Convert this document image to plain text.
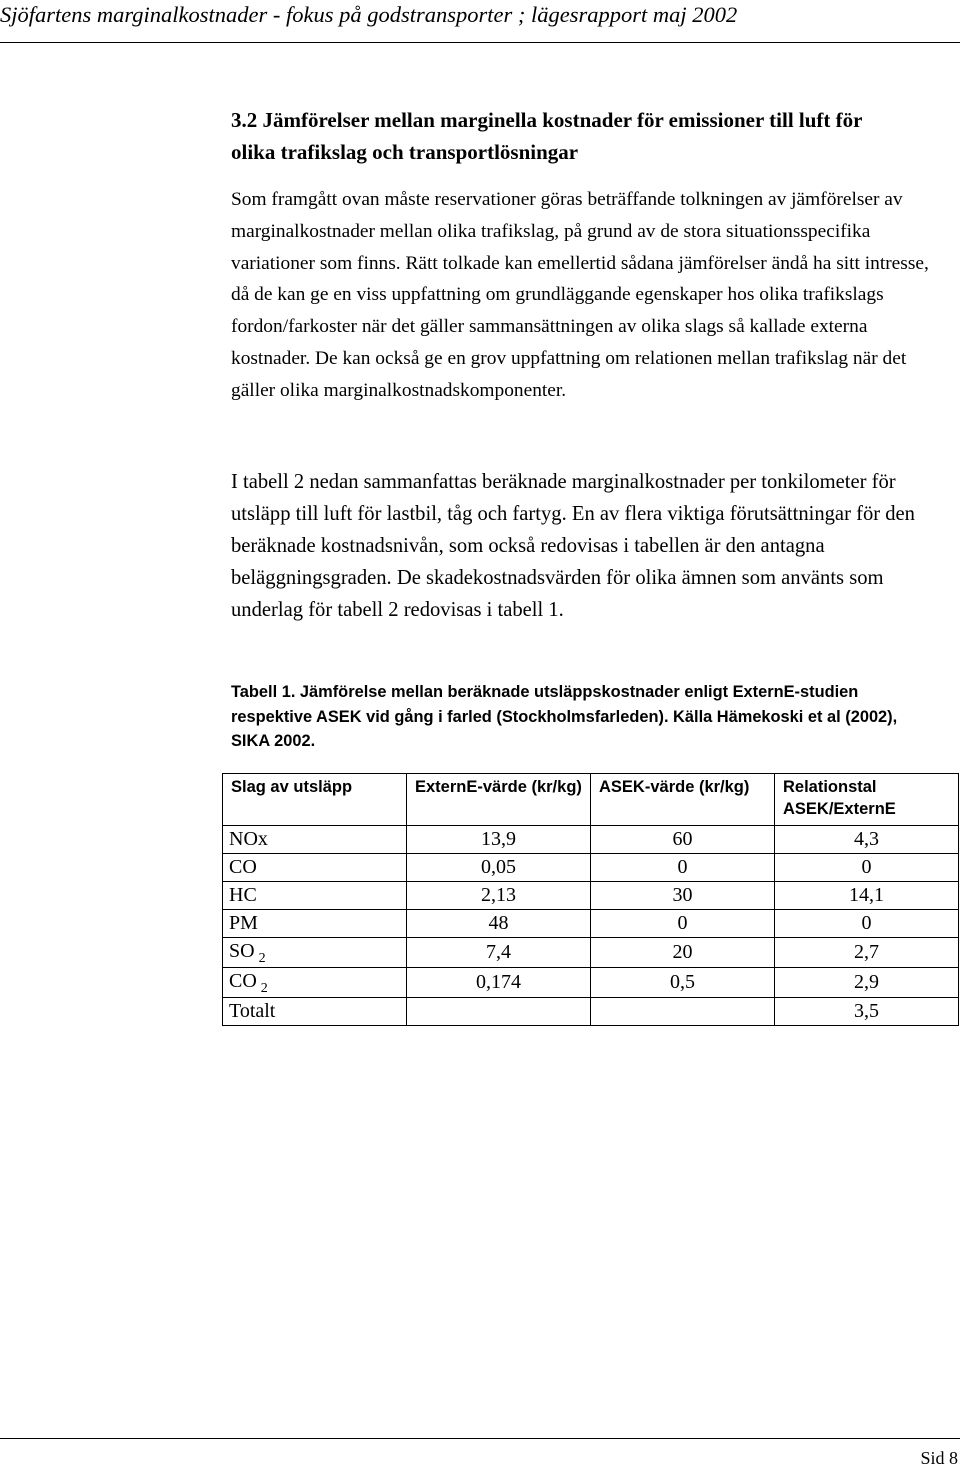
Sjöfartens marginalkostnader - fokus på godstransporter ; lägesrapport maj 2002
3.2 Jämförelser mellan marginella kostnader för emissioner till luft för
olika trafikslag och transportlösningar

Som framgått ovan måste reservationer göras beträffande tolkningen av jämförelser av marginalkostnader mellan olika trafikslag, på grund av de stora situationsspecifika variationer som finns. Rätt tolkade kan emellertid sådana jämförelser ändå ha sitt intresse, då de kan ge en viss uppfattning om grundläggande egenskaper hos olika trafikslags fordon/farkoster när det gäller sammansättningen av olika slags så kallade externa kostnader. De kan också ge en grov uppfattning om relationen mellan trafikslag när det gäller olika marginalkostnadskomponenter.

I tabell 2 nedan sammanfattas beräknade marginalkostnader per tonkilometer för utsläpp till luft för lastbil, tåg och fartyg. En av flera viktiga förutsättningar för den beräknade kostnadsnivån, som också redovisas i tabellen är den antagna beläggningsgraden. De skadekostnadsvärden för olika ämnen som använts som underlag för tabell 2 redovisas i tabell 1.

Tabell 1. Jämförelse mellan beräknade utsläppskostnader enligt ExternE-studien respektive ASEK vid gång i farled (Stockholmsfarleden). Källa Hämekoski et al (2002), SIKA 2002.

Slag av utsläpp	ExternE-värde (kr/kg)	ASEK-värde (kr/kg)	Relationstal ASEK/ExternE
NOx	13,9	60	4,3
CO	0,05	0	0
HC	2,13	30	14,1
PM	48	0	0
SO $_2$	7,4	20	2,7
CO $_2$	0,174	0,5	2,9
Totalt			3,5
Sid 8
